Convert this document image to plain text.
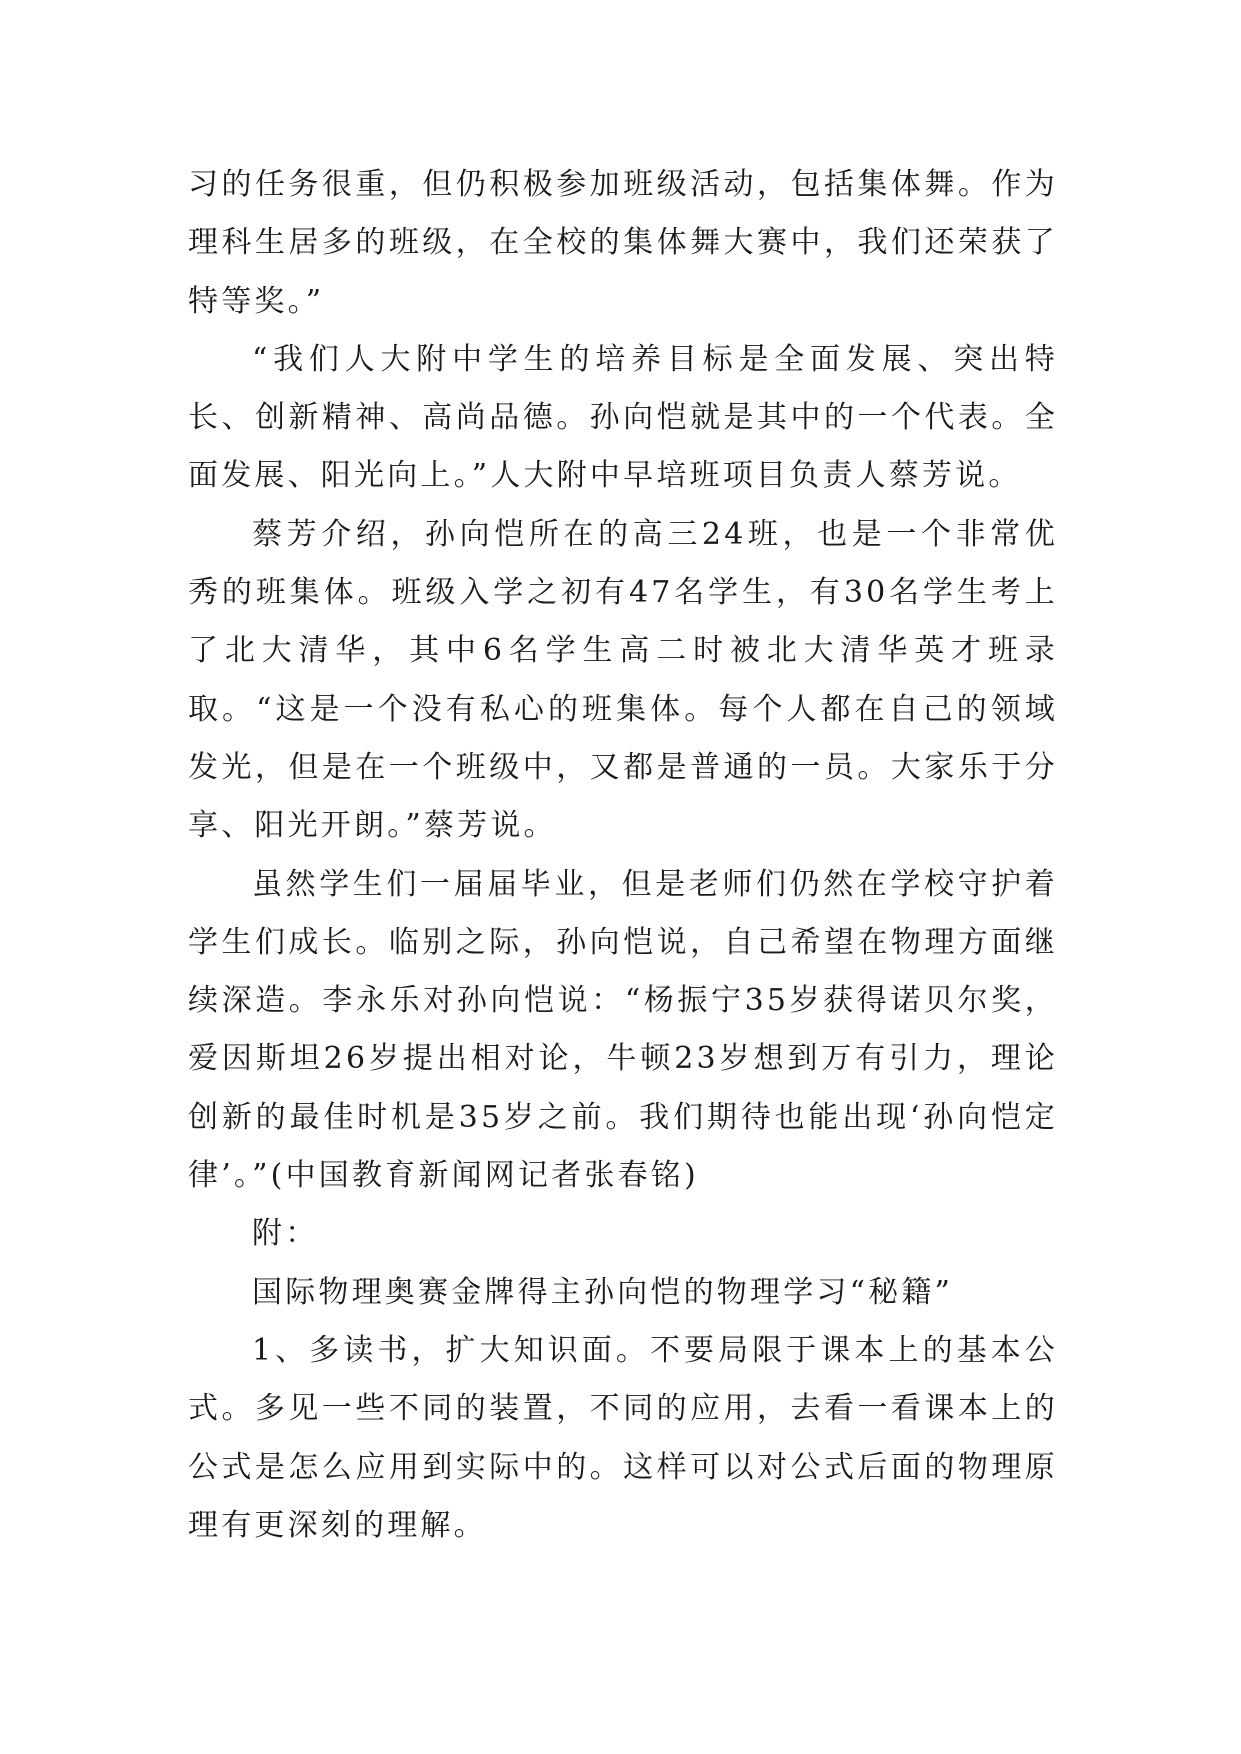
习的任务很重，但仍积极参加班级活动，包括集体舞。作为理科生居多的班级，在全校的集体舞大赛中，我们还荣获了特等奖。”

“我们人大附中学生的培养目标是全面发展、突出特长、创新精神、高尚品德。孙向恺就是其中的一个代表。全面发展、阳光向上。”人大附中早培班项目负责人蔡芳说。

蔡芳介绍，孙向恺所在的高三24班，也是一个非常优秀的班集体。班级入学之初有47名学生，有30名学生考上了北大清华，其中6名学生高二时被北大清华英才班录取。“这是一个没有私心的班集体。每个人都在自己的领域发光，但是在一个班级中，又都是普通的一员。大家乐于分享、阳光开朗。”蔡芳说。

虽然学生们一届届毕业，但是老师们仍然在学校守护着学生们成长。临别之际，孙向恺说，自己希望在物理方面继续深造。李永乐对孙向恺说：“杨振宁35岁获得诺贝尔奖，爱因斯坦26岁提出相对论，牛顿23岁想到万有引力，理论创新的最佳时机是35岁之前。我们期待也能出现‘孙向恺定律’。”(中国教育新闻网记者张春铭)

附：

国际物理奥赛金牌得主孙向恺的物理学习“秘籍”

1、多读书，扩大知识面。不要局限于课本上的基本公式。多见一些不同的装置，不同的应用，去看一看课本上的公式是怎么应用到实际中的。这样可以对公式后面的物理原理有更深刻的理解。
